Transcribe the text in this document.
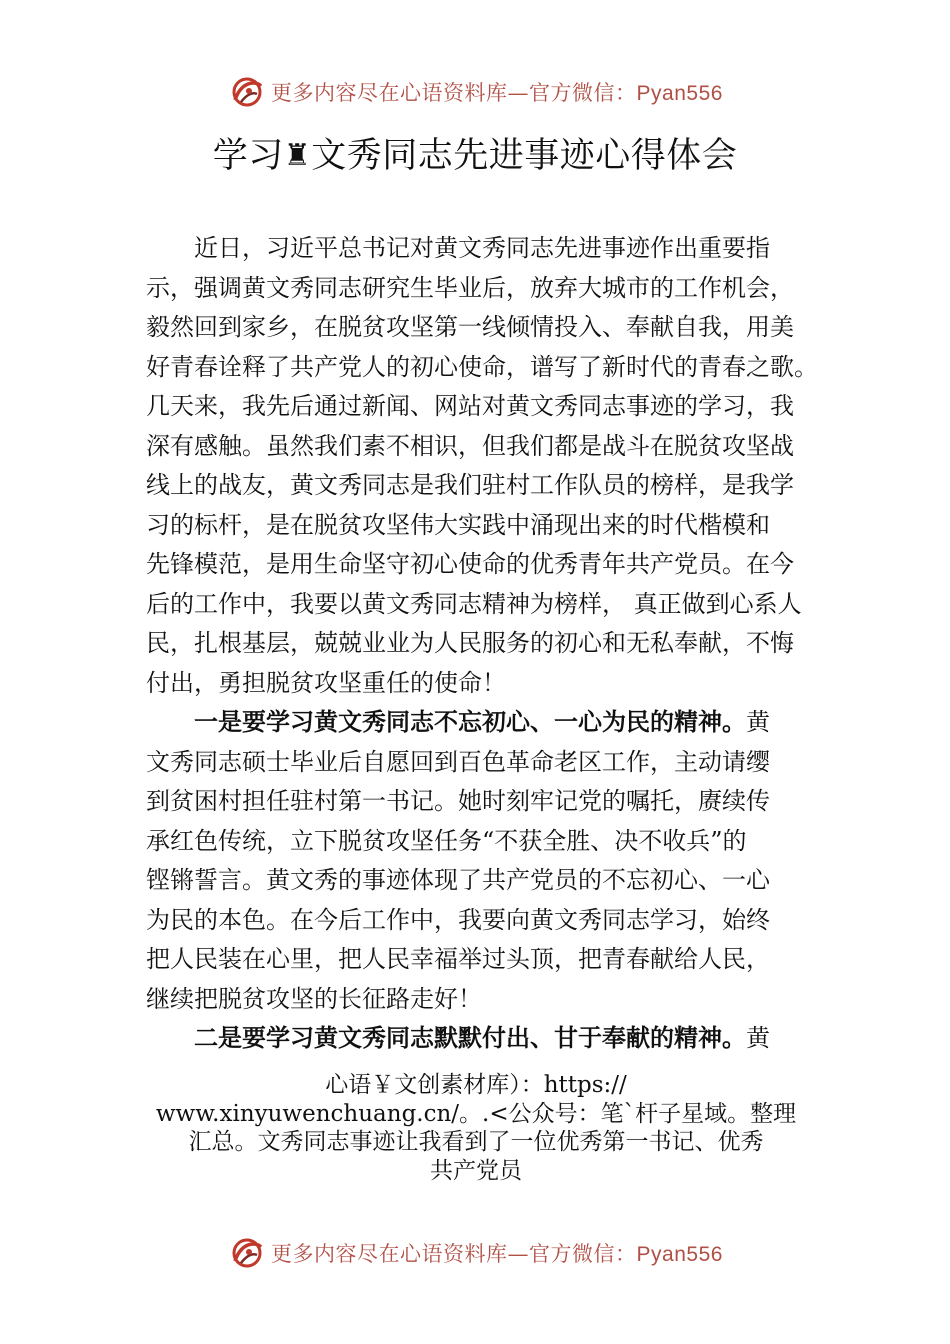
更多内容尽在心语资料库—官方微信：Pyan556
学习♜文秀同志先进事迹心得体会
近日，习近平总书记对黄文秀同志先进事迹作出重要指
示，强调黄文秀同志研究生毕业后，放弃大城市的工作机会，
毅然回到家乡，在脱贫攻坚第一线倾情投入、奉献自我，用美
好青春诠释了共产党人的初心使命，谱写了新时代的青春之歌。
几天来，我先后通过新闻、网站对黄文秀同志事迹的学习，我
深有感触。虽然我们素不相识，但我们都是战斗在脱贫攻坚战
线上的战友，黄文秀同志是我们驻村工作队员的榜样，是我学
习的标杆，是在脱贫攻坚伟大实践中涌现出来的时代楷模和
先锋模范，是用生命坚守初心使命的优秀青年共产党员。在今
后的工作中，我要以黄文秀同志精神为榜样， 真正做到心系人
民，扎根基层，兢兢业业为人民服务的初心和无私奉献，不悔
付出，勇担脱贫攻坚重任的使命！
一是要学习黄文秀同志不忘初心、一心为民的精神。黄
文秀同志硕士毕业后自愿回到百色革命老区工作，主动请缨
到贫困村担任驻村第一书记。她时刻牢记党的嘱托，赓续传
承红色传统，立下脱贫攻坚任务“不获全胜、决不收兵”的
铿锵誓言。黄文秀的事迹体现了共产党员的不忘初心、一心
为民的本色。在今后工作中，我要向黄文秀同志学习，始终
把人民装在心里，把人民幸福举过头顶，把青春献给人民，
继续把脱贫攻坚的长征路走好！
二是要学习黄文秀同志默默付出、甘于奉献的精神。黄
心语￥文创素材库）：https://
www.xinyuwenchuang.cn/。.<公众号：笔`杆子星域。整理
汇总。文秀同志事迹让我看到了一位优秀第一书记、优秀
共产党员
更多内容尽在心语资料库—官方微信：Pyan556
